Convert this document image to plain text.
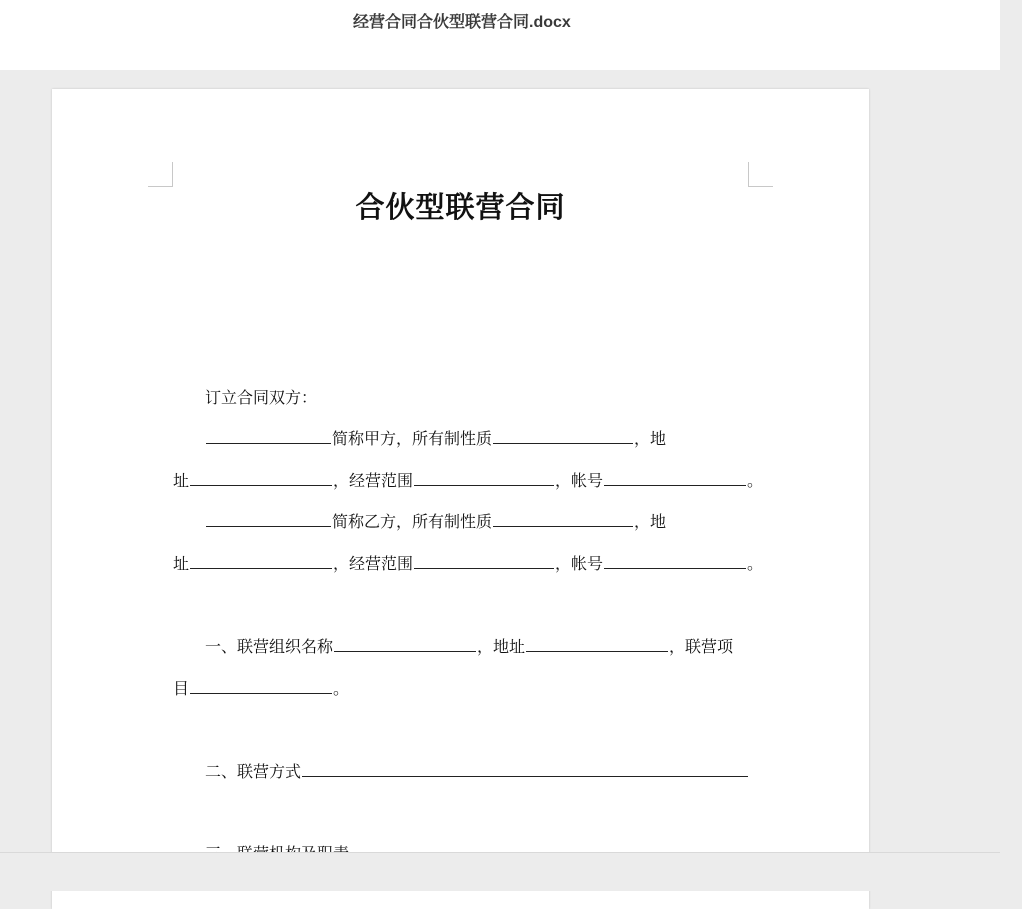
经营合同合伙型联营合同.docx
合伙型联营合同
订立合同双方：
简称甲方，所有制性质	，地
址	，经营范围	，帐号	。
简称乙方，所有制性质	，地
址	，经营范围	，帐号	。
一、联营组织名称	，地址	，联营项
目	。
二、联营方式
